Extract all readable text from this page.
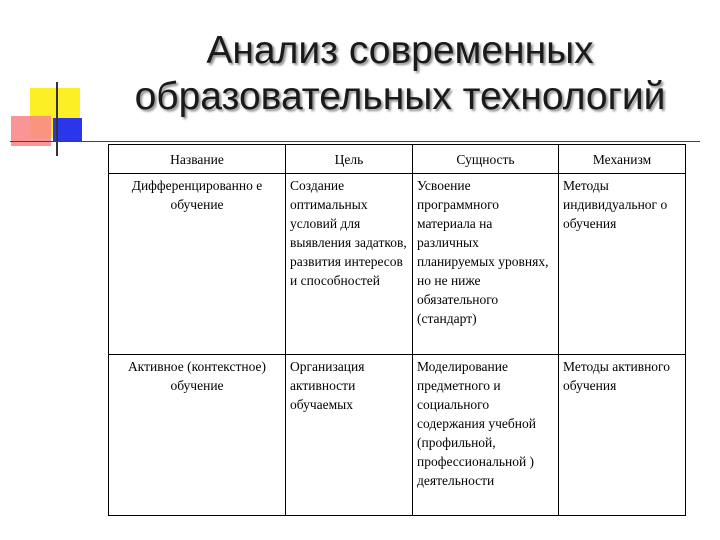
Анализ современных
образовательных технологий
Название	Цель	Сущность	Механизм
Дифференцированно е обучение	Создание оптимальных условий для выявления задатков, развития интересов и способностей	Усвоение программного материала на различных планируемых уровнях, но не ниже обязательного (стандарт)	Методы индивидуальног о обучения
Активное (контекстное) обучение	Организация активности обучаемых	Моделирование предметного и социального содержания учебной (профильной, профессиональной ) деятельности	Методы активного обучения
